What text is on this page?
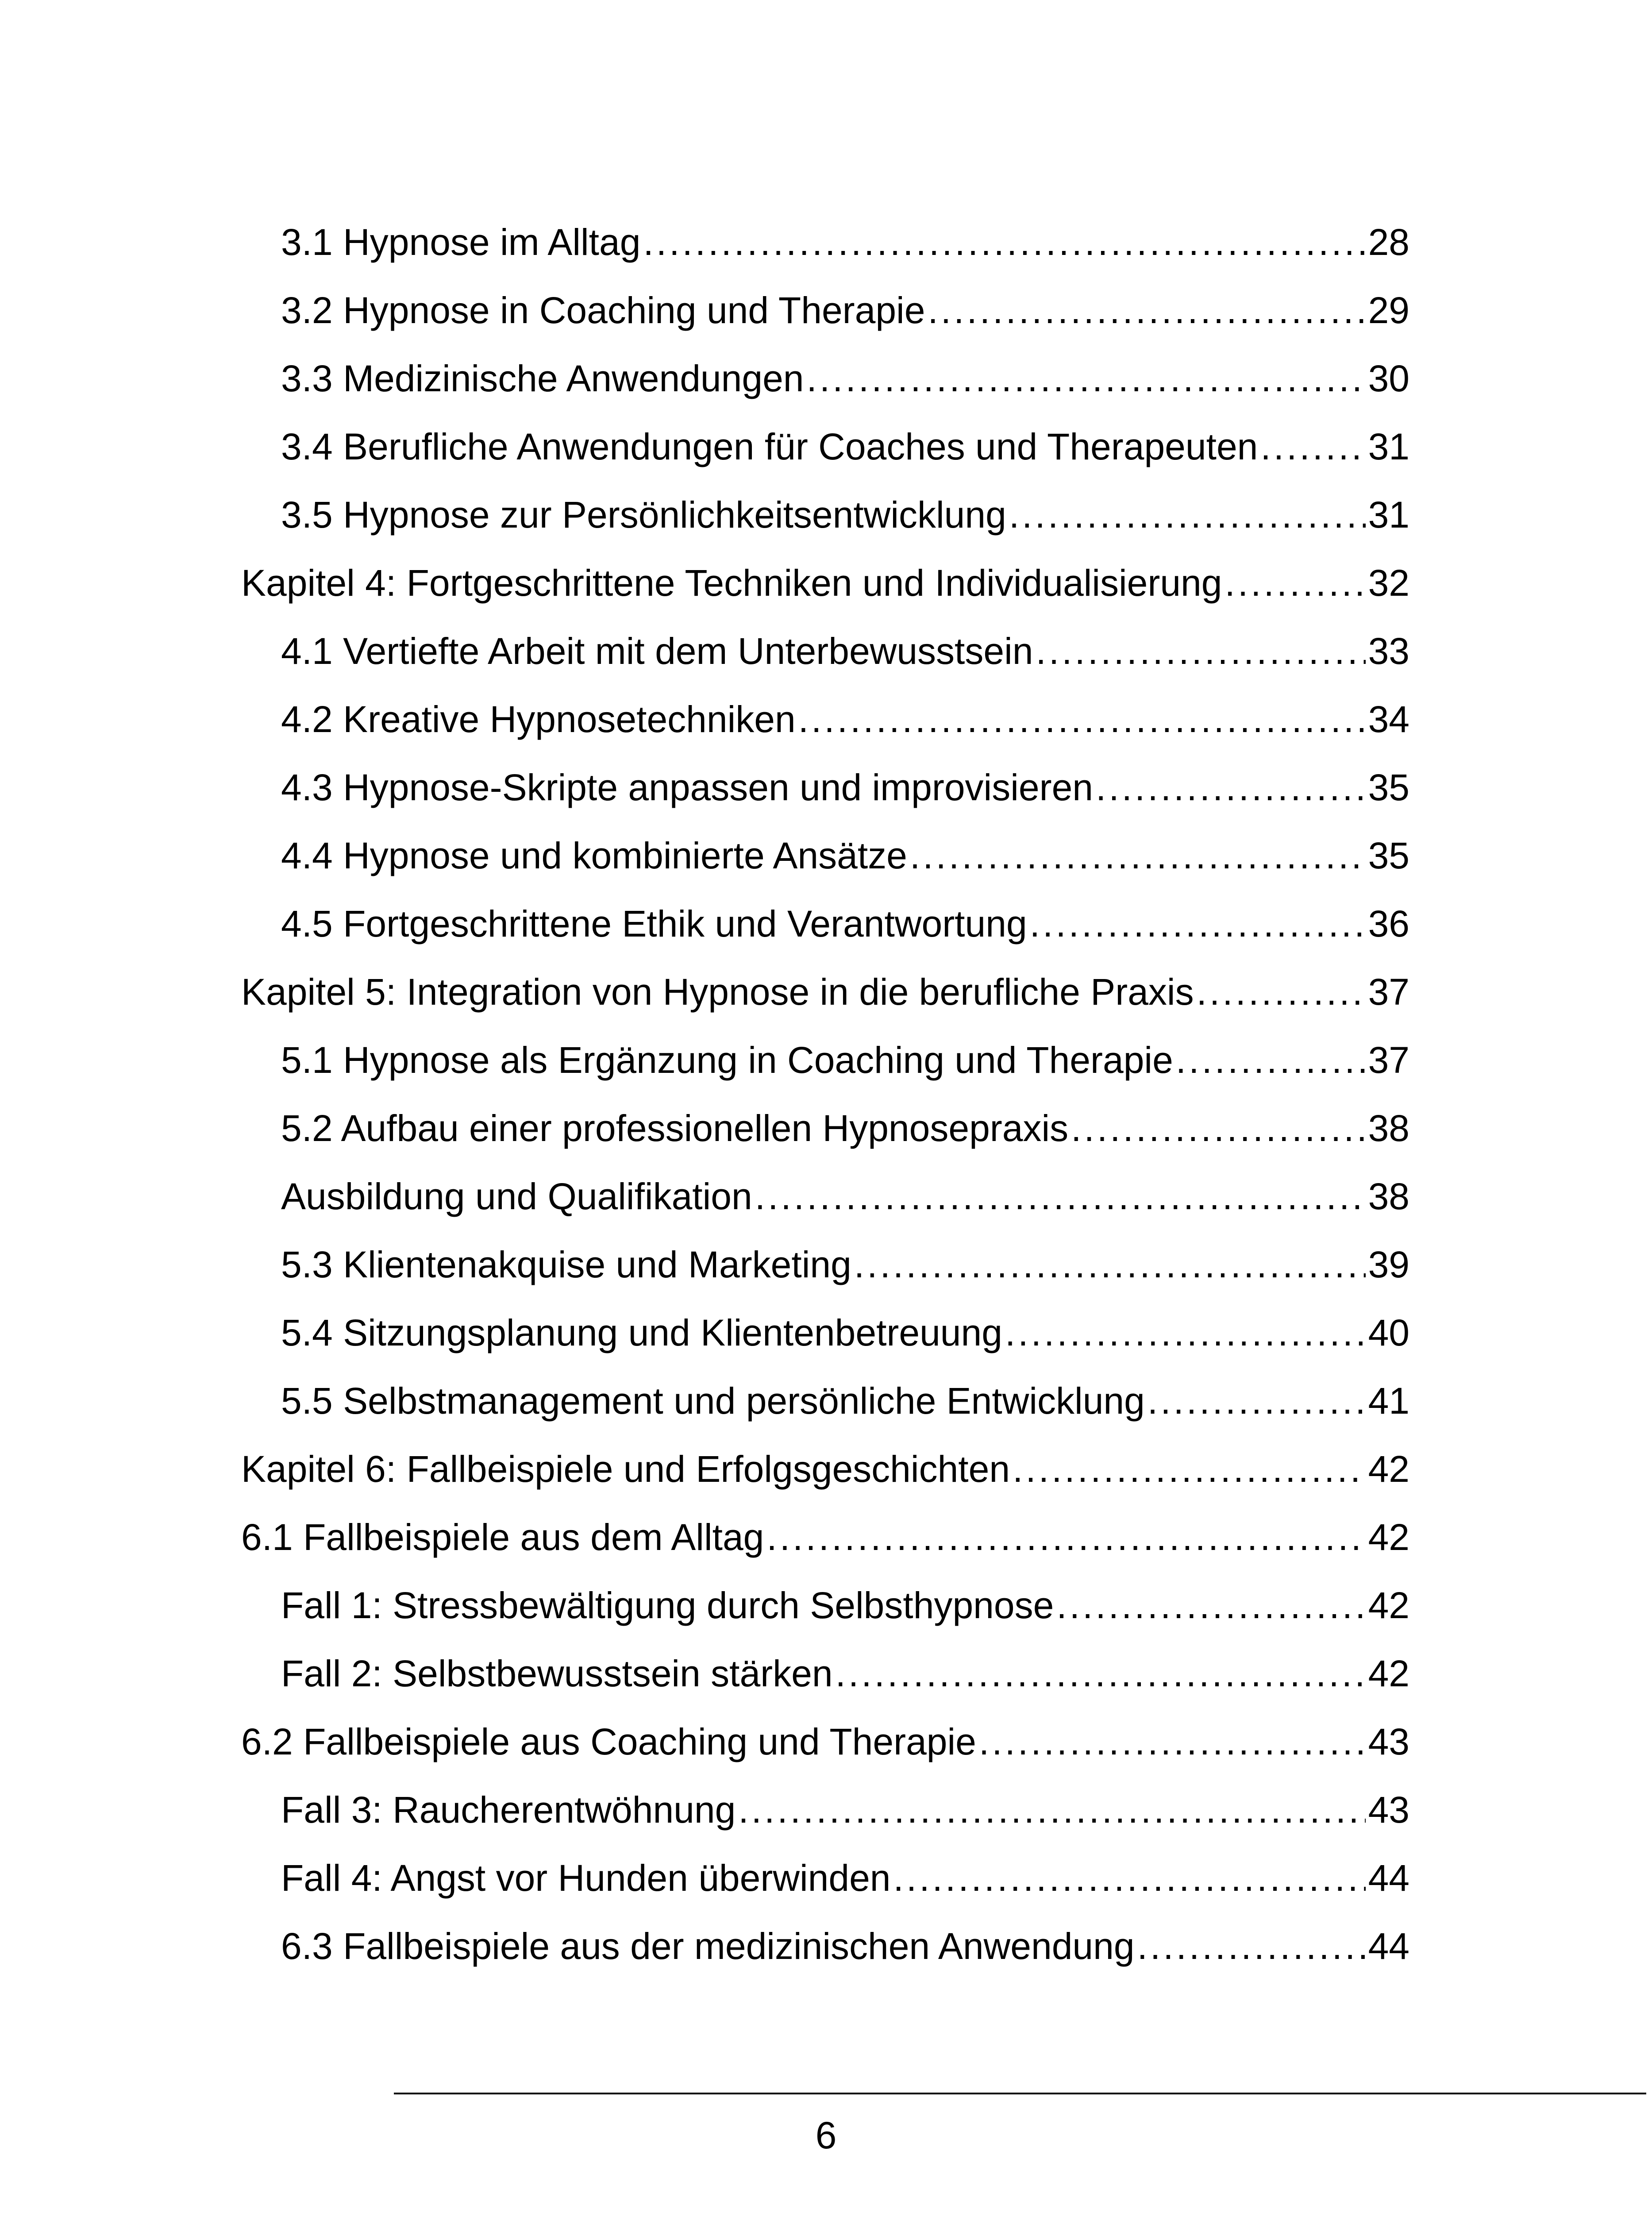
3.1 Hypnose im Alltag .....	28
3.2 Hypnose in Coaching und Therapie .....	29
3.3 Medizinische Anwendungen .....	30
3.4 Berufliche Anwendungen für Coaches und Therapeuten .....	31
3.5 Hypnose zur Persönlichkeitsentwicklung .....	31
Kapitel 4: Fortgeschrittene Techniken und Individualisierung .....	32
4.1 Vertiefte Arbeit mit dem Unterbewusstsein .....	33
4.2 Kreative Hypnosetechniken .....	34
4.3 Hypnose-Skripte anpassen und improvisieren .....	35
4.4 Hypnose und kombinierte Ansätze .....	35
4.5 Fortgeschrittene Ethik und Verantwortung .....	36
Kapitel 5: Integration von Hypnose in die berufliche Praxis .....	37
5.1 Hypnose als Ergänzung in Coaching und Therapie .....	37
5.2 Aufbau einer professionellen Hypnosepraxis .....	38
Ausbildung und Qualifikation .....	38
5.3 Klientenakquise und Marketing .....	39
5.4 Sitzungsplanung und Klientenbetreuung .....	40
5.5 Selbstmanagement und persönliche Entwicklung .....	41
Kapitel 6: Fallbeispiele und Erfolgsgeschichten .....	42
6.1 Fallbeispiele aus dem Alltag .....	42
Fall 1: Stressbewältigung durch Selbsthypnose .....	42
Fall 2: Selbstbewusstsein stärken .....	42
6.2 Fallbeispiele aus Coaching und Therapie .....	43
Fall 3: Raucherentwöhnung .....	43
Fall 4: Angst vor Hunden überwinden .....	44
6.3 Fallbeispiele aus der medizinischen Anwendung .....	44
6
